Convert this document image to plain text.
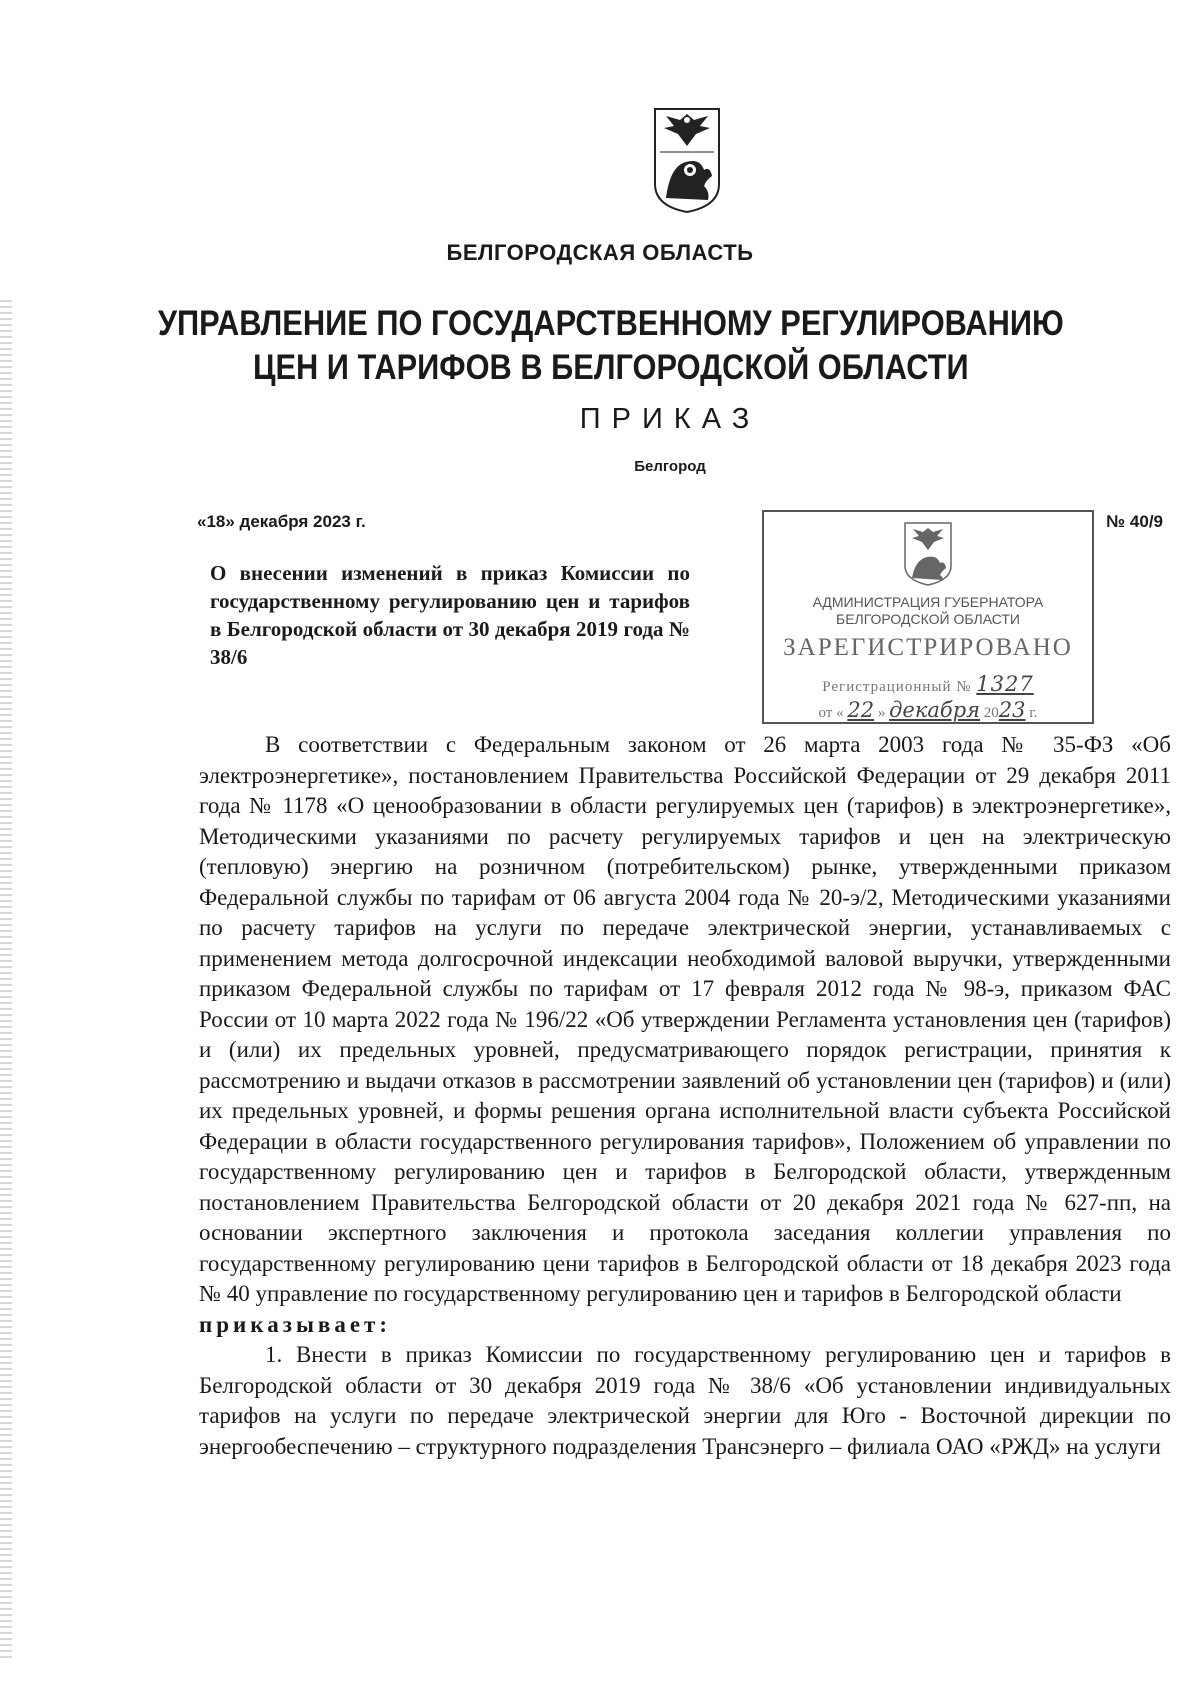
БЕЛГОРОДСКАЯ ОБЛАСТЬ
УПРАВЛЕНИЕ ПО ГОСУДАРСТВЕННОМУ РЕГУЛИРОВАНИЮ
ЦЕН И ТАРИФОВ В БЕЛГОРОДСКОЙ ОБЛАСТИ
ПРИКАЗ
Белгород
«18» декабря 2023 г.	№ 40/9
О внесении изменений в приказ Комиссии по государственному регулированию цен и тарифов в Белгородской области от 30 декабря 2019 года № 38/6
АДМИНИСТРАЦИЯ ГУБЕРНАТОРА
БЕЛГОРОДСКОЙ ОБЛАСТИ
ЗАРЕГИСТРИРОВАНО
Регистрационный № 1327
от « 22 » декабря 2023 г.

В соответствии с Федеральным законом от 26 марта 2003 года № 35-ФЗ «Об электроэнергетике», постановлением Правительства Российской Федерации от 29 декабря 2011 года № 1178 «О ценообразовании в области регулируемых цен (тарифов) в электроэнергетике», Методическими указаниями по расчету регулируемых тарифов и цен на электрическую (тепловую) энергию на розничном (потребительском) рынке, утвержденными приказом Федеральной службы по тарифам от 06 августа 2004 года № 20-э/2, Методическими указаниями по расчету тарифов на услуги по передаче электрической энергии, устанавливаемых с применением метода долгосрочной индексации необходимой валовой выручки, утвержденными приказом Федеральной службы по тарифам от 17 февраля 2012 года № 98-э, приказом ФАС России от 10 марта 2022 года № 196/22 «Об утверждении Регламента установления цен (тарифов) и (или) их предельных уровней, предусматривающего порядок регистрации, принятия к рассмотрению и выдачи отказов в рассмотрении заявлений об установлении цен (тарифов) и (или) их предельных уровней, и формы решения органа исполнительной власти субъекта Российской Федерации в области государственного регулирования тарифов», Положением об управлении по государственному регулированию цен и тарифов в Белгородской области, утвержденным постановлением Правительства Белгородской области от 20 декабря 2021 года № 627-пп, на основании экспертного заключения и протокола заседания коллегии управления по государственному регулированию цени тарифов в Белгородской области от 18 декабря 2023 года № 40 управление по государственному регулированию цен и тарифов в Белгородской области
приказывает:

1. Внести в приказ Комиссии по государственному регулированию цен и тарифов в Белгородской области от 30 декабря 2019 года № 38/6 «Об установлении индивидуальных тарифов на услуги по передаче электрической энергии для Юго - Восточной дирекции по энергообеспечению – структурного подразделения Трансэнерго – филиала ОАО «РЖД» на услуги
